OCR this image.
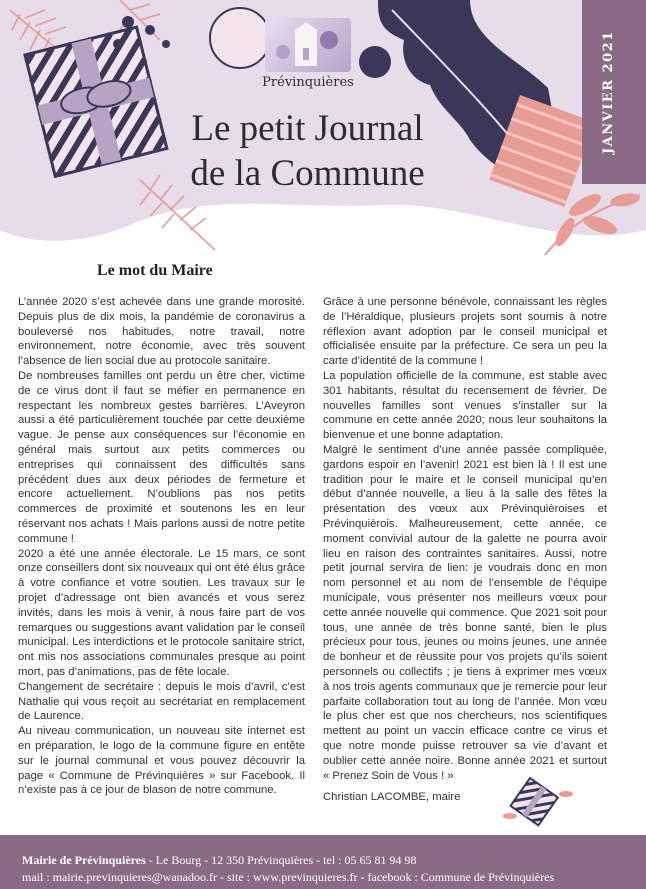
Prévinquières
Le petit Journal
de la Commune
JANVIER 2021
Le mot du Maire

L’année 2020 s’est achevée dans une grande morosité. Depuis plus de dix mois, la pandémie de coronavirus a bouleversé nos habitudes, notre travail, notre environnement, notre économie, avec très souvent l’absence de lien social due au protocole sanitaire.

De nombreuses familles ont perdu un être cher, victime de ce virus dont il faut se méfier en permanence en respectant les nombreux gestes barrières. L’Aveyron aussi a été particulièrement touchée par cette deuxième vague. Je pense aux conséquences sur l’économie en général mais surtout aux petits commerces ou entreprises qui connaissent des difficultés sans précédent dues aux deux périodes de fermeture et encore actuellement. N’oublions pas nos petits commerces de proximité et soutenons les en leur réservant nos achats ! Mais parlons aussi de notre petite commune !

2020 a été une année électorale. Le 15 mars, ce sont onze conseillers dont six nouveaux qui ont été élus grâce à votre confiance et votre soutien. Les travaux sur le projet d’adressage ont bien avancés et vous serez invités, dans les mois à venir, à nous faire part de vos remarques ou suggestions avant validation par le conseil municipal. Les interdictions et le protocole sanitaire strict, ont mis nos associations communales presque au point mort, pas d’animations, pas de fête locale.

Changement de secrétaire : depuis le mois d’avril, c’est Nathalie qui vous reçoit au secrétariat en remplacement de Laurence.

Au niveau communication, un nouveau site internet est en préparation, le logo de la commune figure en entête sur le journal communal et vous pouvez découvrir la page « Commune de Prévinquières » sur Facebook. Il n’existe pas à ce jour de blason de notre commune.

Grâce à une personne bénévole, connaissant les règles de l’Héraldique, plusieurs projets sont soumis à notre réflexion avant adoption par le conseil municipal et officialisée ensuite par la préfecture. Ce sera un peu la carte d’identité de la commune !

La population officielle de la commune, est stable avec 301 habitants, résultat du recensement de février. De nouvelles familles sont venues s’installer sur la commune en cette année 2020; nous leur souhaitons la bienvenue et une bonne adaptation.

Malgré le sentiment d’une année passée compliquée, gardons espoir en l’avenir! 2021 est bien là ! Il est une tradition pour le maire et le conseil municipal qu’en début d’année nouvelle, a lieu à la salle des fêtes la présentation des vœux aux Prévinquièroises et Prévinquièrois. Malheureusement, cette année, ce moment convivial autour de la galette ne pourra avoir lieu en raison des contraintes sanitaires. Aussi, notre petit journal servira de lien: je voudrais donc en mon nom personnel et au nom de l’ensemble de l’équipe municipale, vous présenter nos meilleurs vœux pour cette année nouvelle qui commence. Que 2021 soit pour tous, une année de très bonne santé, bien le plus précieux pour tous, jeunes ou moins jeunes, une année de bonheur et de réussite pour vos projets qu’ils soient personnels ou collectifs ; je tiens à exprimer mes vœux à nos trois agents communaux que je remercie pour leur parfaite collaboration tout au long de l’année. Mon vœu le plus cher est que nos chercheurs, nos scientifiques mettent au point un vaccin efficace contre ce virus et que notre monde puisse retrouver sa vie d’avant et oublier cette année noire. Bonne année 2021 et surtout « Prenez Soin de Vous ! »

Christian LACOMBE, maire

Mairie de Prévinquières - Le Bourg - 12 350 Prévinquières - tel : 05 65 81 94 98
mail : mairie.previnquieres@wanadoo.fr - site : www.previnquieres.fr - facebook : Commune de Prévinquières
